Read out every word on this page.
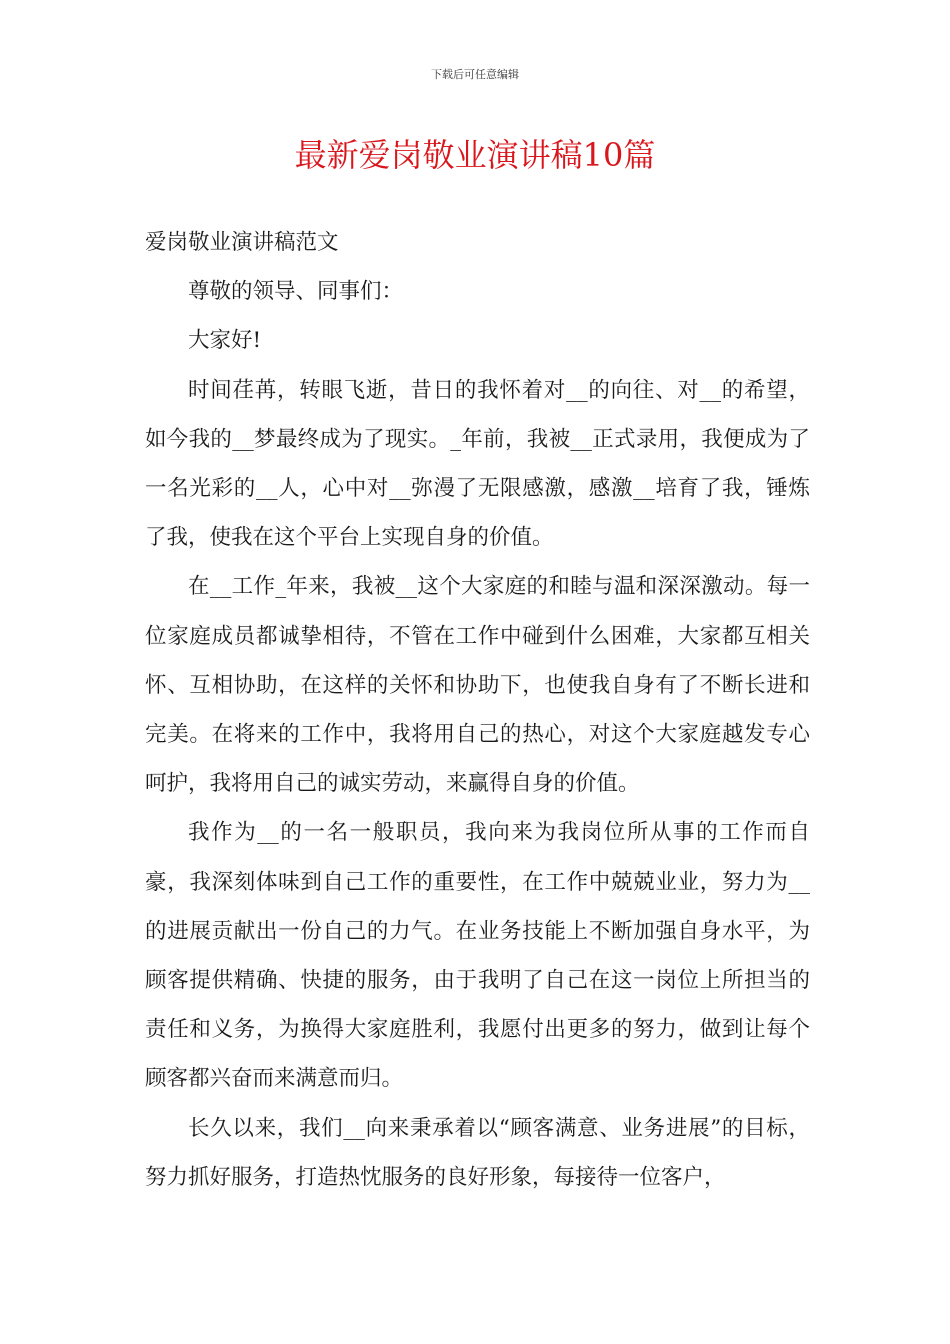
下载后可任意编辑
最新爱岗敬业演讲稿10篇

爱岗敬业演讲稿范文

尊敬的领导、同事们：

大家好!

时间荏苒，转眼飞逝，昔日的我怀着对__的向往、对__的希望，如今我的__梦最终成为了现实。_年前，我被__正式录用，我便成为了一名光彩的__人，心中对__弥漫了无限感激，感激__培育了我，锤炼了我，使我在这个平台上实现自身的价值。

在__工作_年来，我被__这个大家庭的和睦与温和深深激动。每一位家庭成员都诚挚相待，不管在工作中碰到什么困难，大家都互相关怀、互相协助，在这样的关怀和协助下，也使我自身有了不断长进和完美。在将来的工作中，我将用自己的热心，对这个大家庭越发专心呵护，我将用自己的诚实劳动，来赢得自身的价值。

我作为__的一名一般职员，我向来为我岗位所从事的工作而自豪，我深刻体味到自己工作的重要性，在工作中兢兢业业，努力为__的进展贡献出一份自己的力气。在业务技能上不断加强自身水平，为顾客提供精确、快捷的服务，由于我明了自己在这一岗位上所担当的责任和义务，为换得大家庭胜利，我愿付出更多的努力，做到让每个顾客都兴奋而来满意而归。

长久以来，我们__向来秉承着以“顾客满意、业务进展”的目标，努力抓好服务，打造热忱服务的良好形象，每接待一位客户，
